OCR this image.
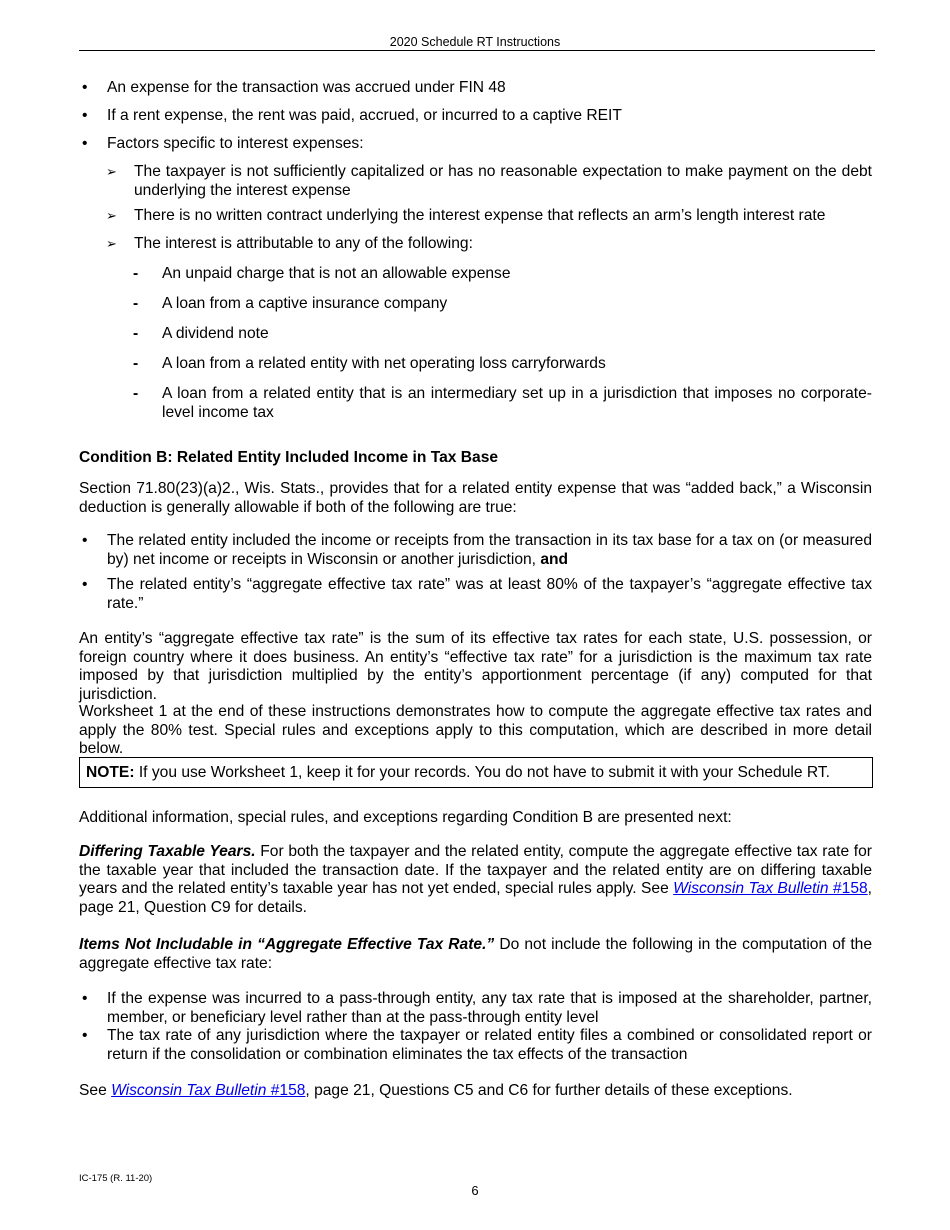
2020 Schedule RT Instructions
• An expense for the transaction was accrued under FIN 48
• If a rent expense, the rent was paid, accrued, or incurred to a captive REIT
• Factors specific to interest expenses:
➢ The taxpayer is not sufficiently capitalized or has no reasonable expectation to make payment on the debt underlying the interest expense
➢ There is no written contract underlying the interest expense that reflects an arm’s length interest rate
➢ The interest is attributable to any of the following:
- An unpaid charge that is not an allowable expense
- A loan from a captive insurance company
- A dividend note
- A loan from a related entity with net operating loss carryforwards
- A loan from a related entity that is an intermediary set up in a jurisdiction that imposes no corporate-level income tax
Condition B: Related Entity Included Income in Tax Base
Section 71.80(23)(a)2., Wis. Stats., provides that for a related entity expense that was “added back,” a Wisconsin deduction is generally allowable if both of the following are true:
• The related entity included the income or receipts from the transaction in its tax base for a tax on (or measured by) net income or receipts in Wisconsin or another jurisdiction, and
• The related entity’s “aggregate effective tax rate” was at least 80% of the taxpayer’s “aggregate effective tax rate.”
An entity’s “aggregate effective tax rate” is the sum of its effective tax rates for each state, U.S. possession, or foreign country where it does business. An entity’s “effective tax rate” for a jurisdiction is the maximum tax rate imposed by that jurisdiction multiplied by the entity’s apportionment percentage (if any) computed for that jurisdiction.
Worksheet 1 at the end of these instructions demonstrates how to compute the aggregate effective tax rates and apply the 80% test. Special rules and exceptions apply to this computation, which are described in more detail below.
NOTE: If you use Worksheet 1, keep it for your records. You do not have to submit it with your Schedule RT.
Additional information, special rules, and exceptions regarding Condition B are presented next:
Differing Taxable Years. For both the taxpayer and the related entity, compute the aggregate effective tax rate for the taxable year that included the transaction date. If the taxpayer and the related entity are on differing taxable years and the related entity’s taxable year has not yet ended, special rules apply. See Wisconsin Tax Bulletin #158, page 21, Question C9 for details.
Items Not Includable in “Aggregate Effective Tax Rate.” Do not include the following in the computation of the aggregate effective tax rate:
• If the expense was incurred to a pass-through entity, any tax rate that is imposed at the shareholder, partner, member, or beneficiary level rather than at the pass-through entity level
• The tax rate of any jurisdiction where the taxpayer or related entity files a combined or consolidated report or return if the consolidation or combination eliminates the tax effects of the transaction
See Wisconsin Tax Bulletin #158, page 21, Questions C5 and C6 for further details of these exceptions.
IC-175 (R. 11-20)
6
